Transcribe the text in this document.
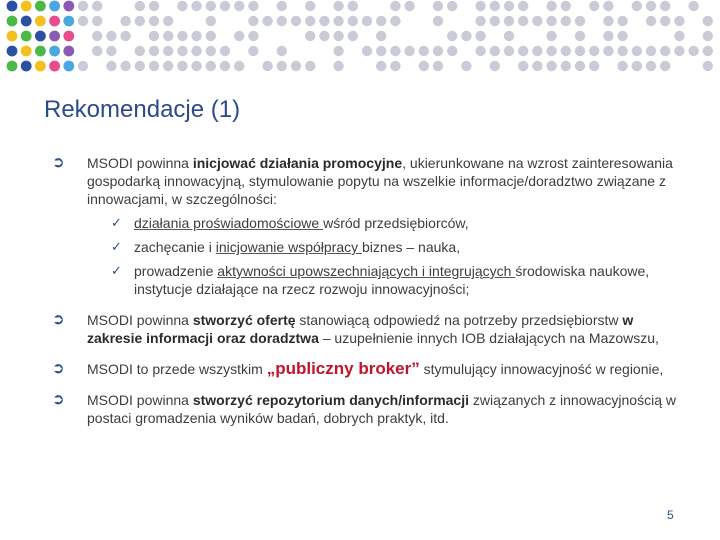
Rekomendacje (1)
➲ MSODI powinna inicjować działania promocyjne, ukierunkowane na wzrost zainteresowania gospodarką innowacyjną, stymulowanie popytu na wszelkie informacje/doradztwo związane z innowacjami, w szczególności:
✓ działania proświadomościowe wśród przedsiębiorców,
✓ zachęcanie i inicjowanie współpracy biznes – nauka,
✓ prowadzenie aktywności upowszechniających i integrujących środowiska naukowe, instytucje działające na rzecz rozwoju innowacyjności;
➲ MSODI powinna stworzyć ofertę stanowiącą odpowiedź na potrzeby przedsiębiorstw w zakresie informacji oraz doradztwa – uzupełnienie innych IOB działających na Mazowszu,
➲ MSODI to przede wszystkim „publiczny broker” stymulujący innowacyjność w regionie,
➲ MSODI powinna stworzyć repozytorium danych/informacji związanych z innowacyjnością w postaci gromadzenia wyników badań, dobrych praktyk, itd.
5
